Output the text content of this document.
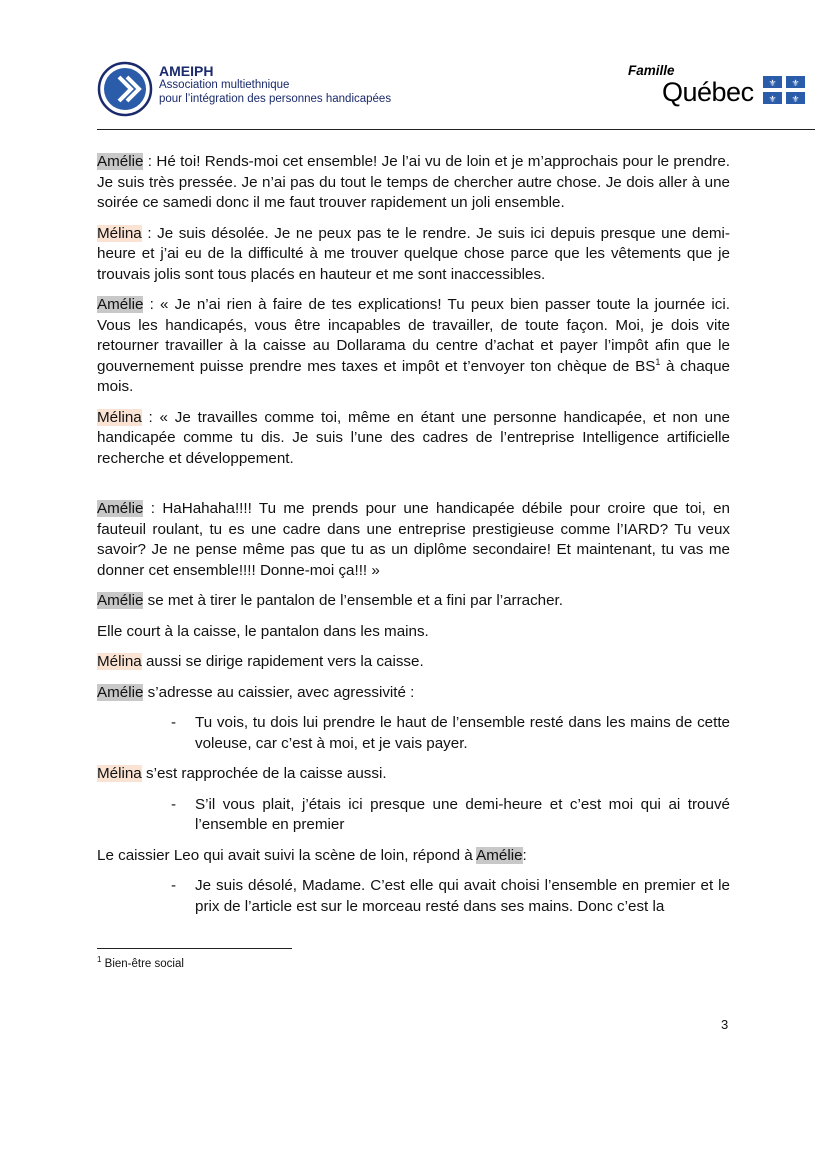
AMEIPH
Association multiethnique
pour l’intégration des personnes handicapées
Famille
Québec ⚜ ⚜
⚜ ⚜

Amélie : Hé toi! Rends-moi cet ensemble! Je l’ai vu de loin et je m’approchais pour le prendre. Je suis très pressée. Je n’ai pas du tout le temps de chercher autre chose. Je dois aller à une soirée ce samedi donc il me faut trouver rapidement un joli ensemble.

Mélina : Je suis désolée. Je ne peux pas te le rendre. Je suis ici depuis presque une demi-heure et j’ai eu de la difficulté à me trouver quelque chose parce que les vêtements que je trouvais jolis sont tous placés en hauteur et me sont inaccessibles.

Amélie : « Je n’ai rien à faire de tes explications! Tu peux bien passer toute la journée ici. Vous les handicapés, vous être incapables de travailler, de toute façon. Moi, je dois vite retourner travailler à la caisse au Dollarama du centre d’achat et payer l’impôt afin que le gouvernement puisse prendre mes taxes et impôt et t’envoyer ton chèque de $BS^1$ à chaque mois.

Mélina : « Je travailles comme toi, même en étant une personne handicapée, et non une handicapée comme tu dis. Je suis l’une des cadres de l’entreprise Intelligence artificielle recherche et développement.

Amélie : HaHahaha!!!! Tu me prends pour une handicapée débile pour croire que toi, en fauteuil roulant, tu es une cadre dans une entreprise prestigieuse comme l’IARD? Tu veux savoir? Je ne pense même pas que tu as un diplôme secondaire! Et maintenant, tu vas me donner cet ensemble!!!! Donne-moi ça!!! »

Amélie se met à tirer le pantalon de l’ensemble et a fini par l’arracher.

Elle court à la caisse, le pantalon dans les mains.

Mélina aussi se dirige rapidement vers la caisse.

Amélie s’adresse au caissier, avec agressivité :

- Tu vois, tu dois lui prendre le haut de l’ensemble resté dans les mains de cette voleuse, car c’est à moi, et je vais payer.

Mélina s’est rapprochée de la caisse aussi.

- S’il vous plait, j’étais ici presque une demi-heure et c’est moi qui ai trouvé l’ensemble en premier

Le caissier Leo qui avait suivi la scène de loin, répond à Amélie:

- Je suis désolé, Madame. C’est elle qui avait choisi l’ensemble en premier et le prix de l’article est sur le morceau resté dans ses mains. Donc c’est la

$^1$ Bien-être social
3
